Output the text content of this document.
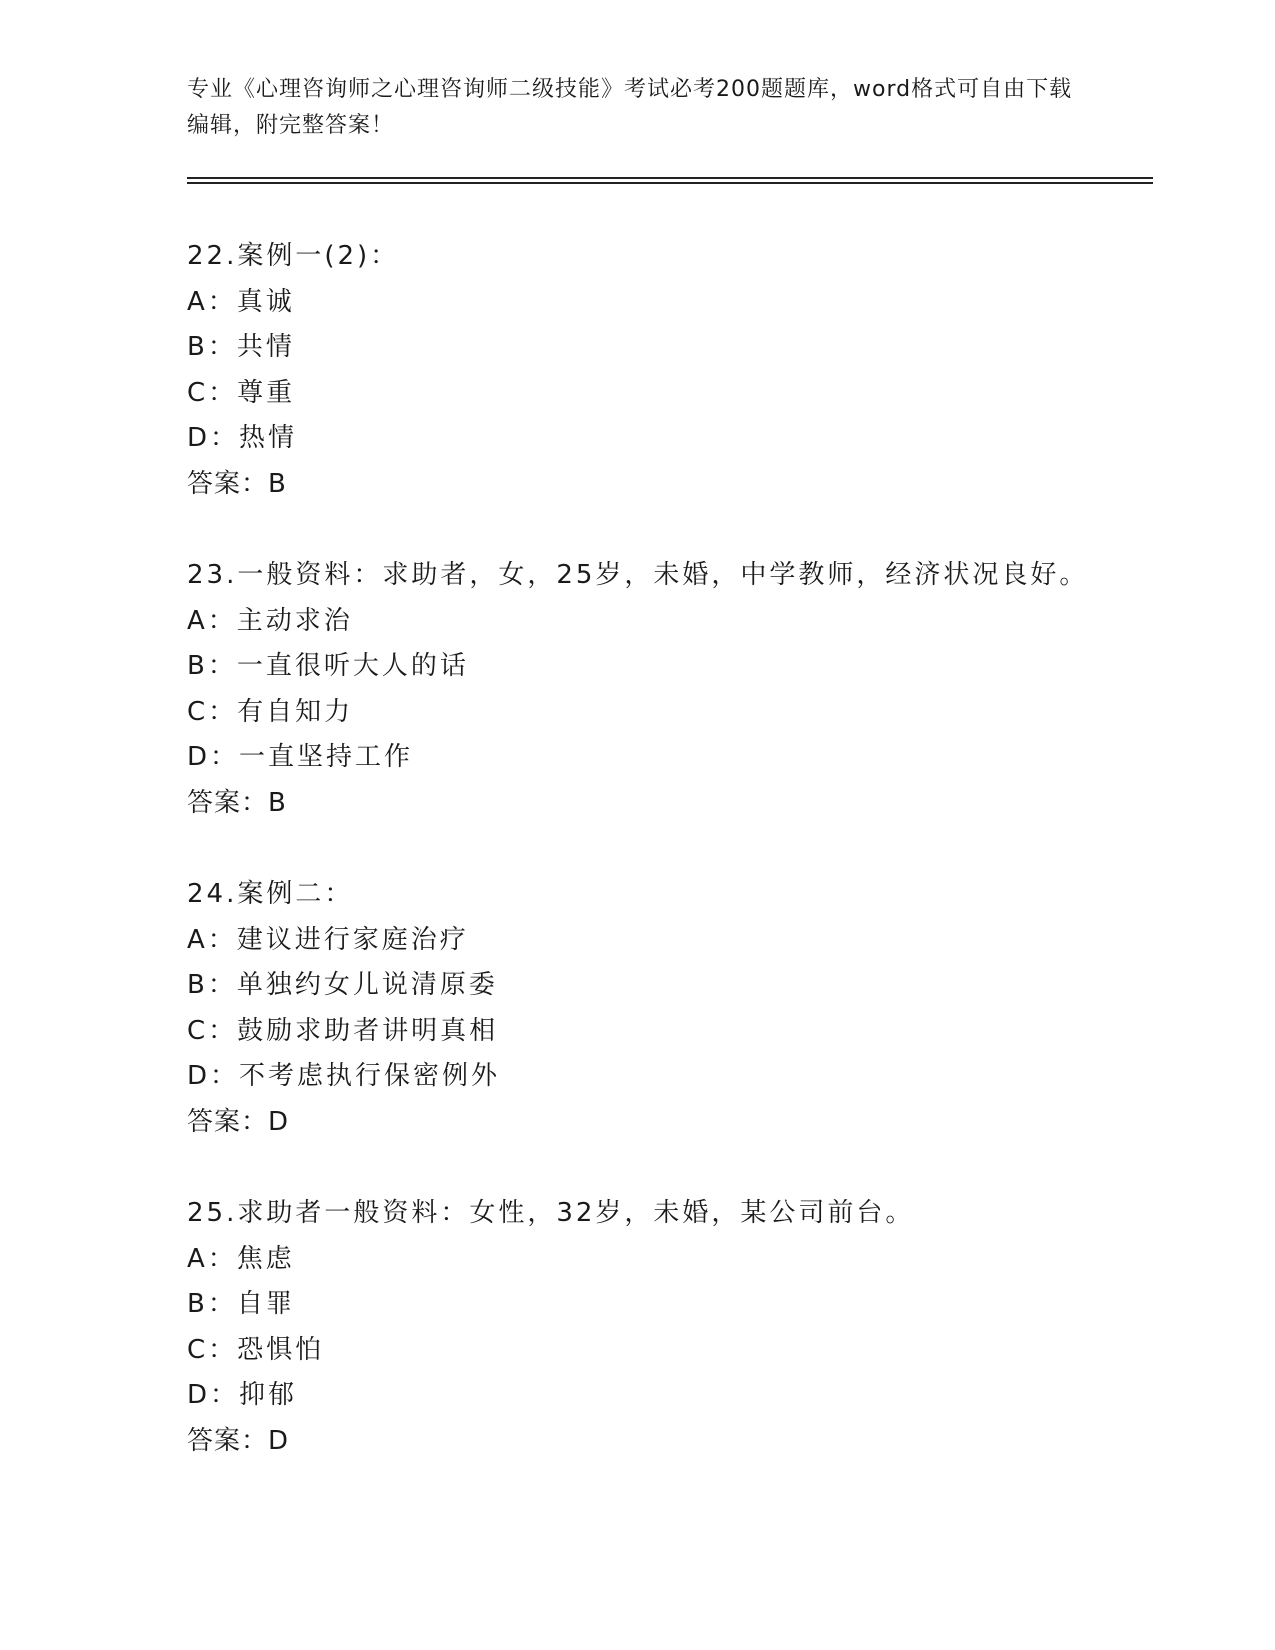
专业《心理咨询师之心理咨询师二级技能》考试必考200题题库，word格式可自由下载编辑，附完整答案！
22.案例一(2)：
A：真诚
B：共情
C：尊重
D：热情
答案：B
23.一般资料：求助者，女，25岁，未婚，中学教师，经济状况良好。
A：主动求治
B：一直很听大人的话
C：有自知力
D：一直坚持工作
答案：B
24.案例二：
A：建议进行家庭治疗
B：单独约女儿说清原委
C：鼓励求助者讲明真相
D：不考虑执行保密例外
答案：D
25.求助者一般资料：女性，32岁，未婚，某公司前台。
A：焦虑
B：自罪
C：恐惧怕
D：抑郁
答案：D
